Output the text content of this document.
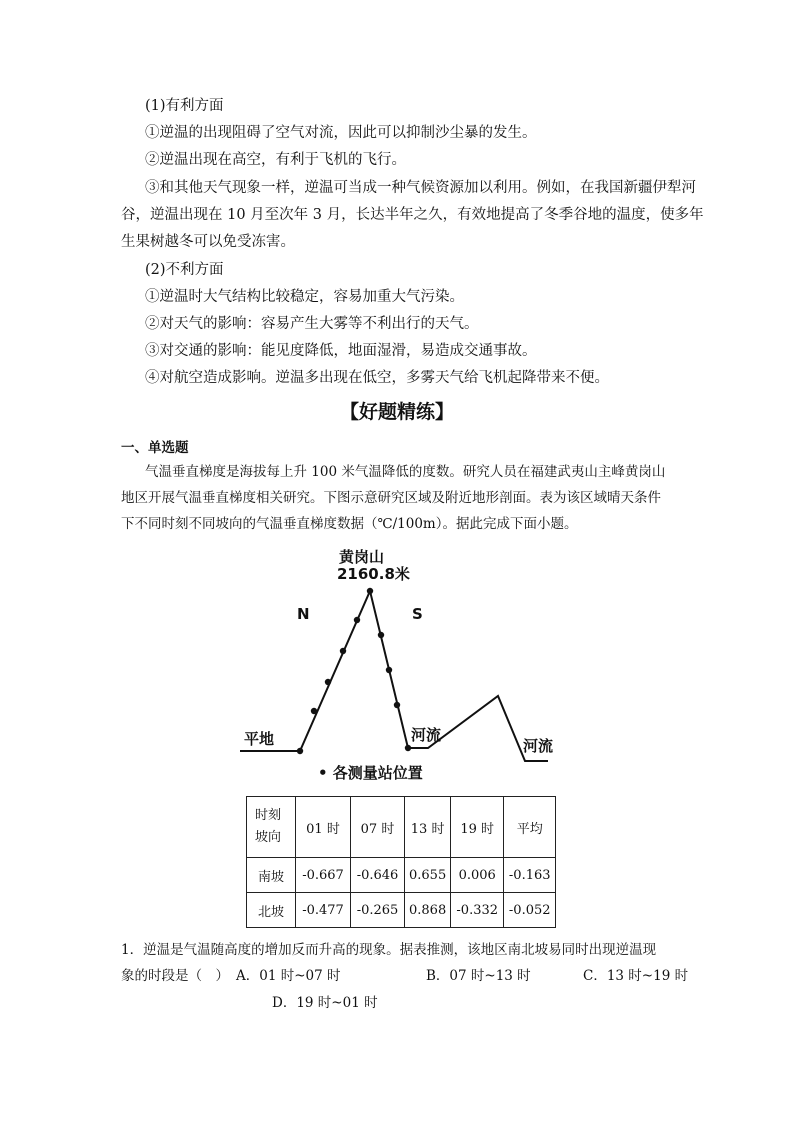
(1)有利方面
①逆温的出现阻碍了空气对流，因此可以抑制沙尘暴的发生。
②逆温出现在高空，有利于飞机的飞行。
③和其他天气现象一样，逆温可当成一种气候资源加以利用。例如，在我国新疆伊犁河
谷，逆温出现在 10 月至次年 3 月，长达半年之久，有效地提高了冬季谷地的温度，使多年
生果树越冬可以免受冻害。
(2)不利方面
①逆温时大气结构比较稳定，容易加重大气污染。
②对天气的影响：容易产生大雾等不利出行的天气。
③对交通的影响：能见度降低，地面湿滑，易造成交通事故。
④对航空造成影响。逆温多出现在低空，多雾天气给飞机起降带来不便。
【好题精练】
一、单选题
气温垂直梯度是海拔每上升 100 米气温降低的度数。研究人员在福建武夷山主峰黄岗山
地区开展气温垂直梯度相关研究。下图示意研究区域及附近地形剖面。表为该区域晴天条件
下不同时刻不同坡向的气温垂直梯度数据（℃/100m）。据此完成下面小题。
黄岗山
2160.8米
N	S
平地	河流
河流
• 各测量站位置
时刻
坡向	01 时	07 时	13 时	19 时	平均
南坡	-0.667	-0.646	0.655	0.006	-0.163
北坡	-0.477	-0.265	0.868	-0.332	-0.052
1．逆温是气温随高度的增加反而升高的现象。据表推测，该地区南北坡易同时出现逆温现
象的时段是（　） A．01 时~07 时	B．07 时~13 时	C．13 时~19 时
D．19 时~01 时
